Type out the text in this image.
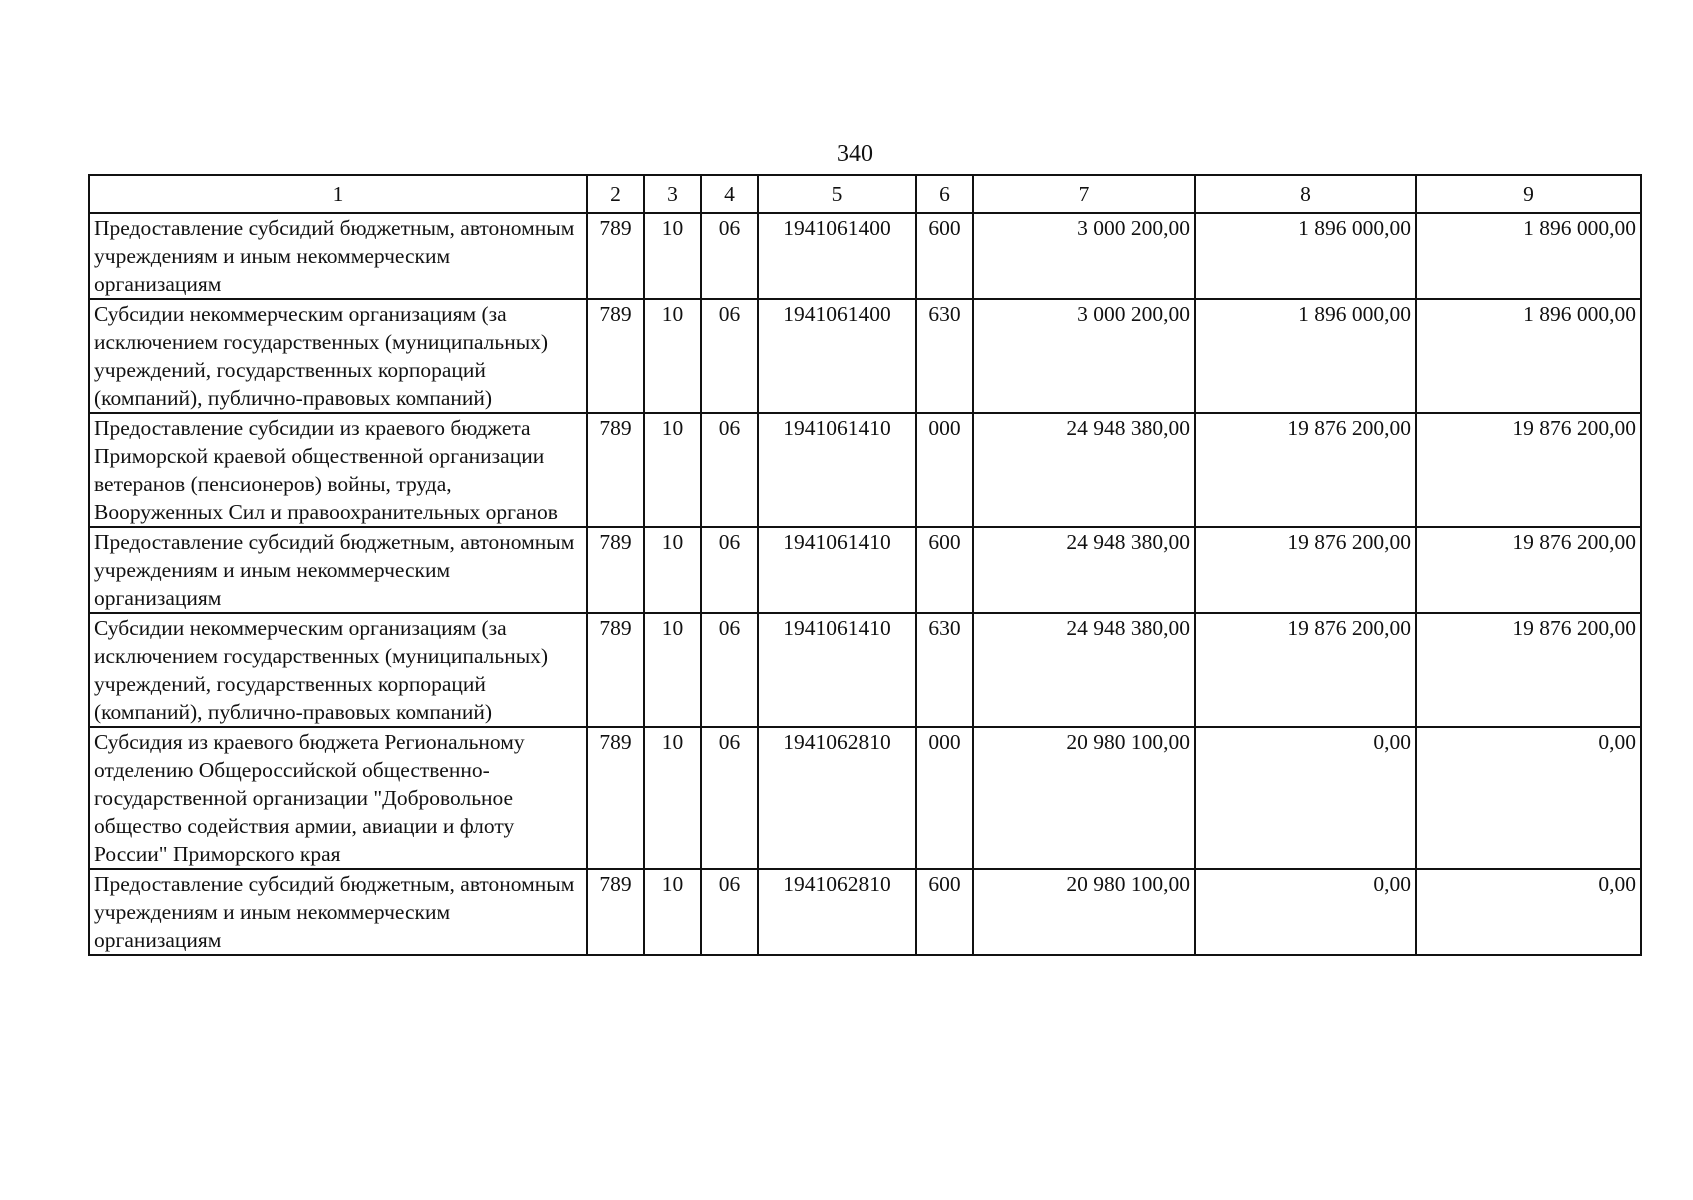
340
1	2	3	4	5	6	7	8	9
Предоставление субсидий бюджетным, автономным учреждениям и иным некоммерческим организациям	789	10	06	1941061400	600	3 000 200,00	1 896 000,00	1 896 000,00
Субсидии некоммерческим организациям (за исключением государственных (муниципальных) учреждений, государственных корпораций (компаний), публично-правовых компаний)	789	10	06	1941061400	630	3 000 200,00	1 896 000,00	1 896 000,00
Предоставление субсидии из краевого бюджета Приморской краевой общественной организации ветеранов (пенсионеров) войны, труда, Вооруженных Сил и правоохранительных органов	789	10	06	1941061410	000	24 948 380,00	19 876 200,00	19 876 200,00
Предоставление субсидий бюджетным, автономным учреждениям и иным некоммерческим организациям	789	10	06	1941061410	600	24 948 380,00	19 876 200,00	19 876 200,00
Субсидии некоммерческим организациям (за исключением государственных (муниципальных) учреждений, государственных корпораций (компаний), публично-правовых компаний)	789	10	06	1941061410	630	24 948 380,00	19 876 200,00	19 876 200,00
Субсидия из краевого бюджета Региональному отделению Общероссийской общественно-государственной организации "Добровольное общество содействия армии, авиации и флоту России" Приморского края	789	10	06	1941062810	000	20 980 100,00	0,00	0,00
Предоставление субсидий бюджетным, автономным учреждениям и иным некоммерческим организациям	789	10	06	1941062810	600	20 980 100,00	0,00	0,00
